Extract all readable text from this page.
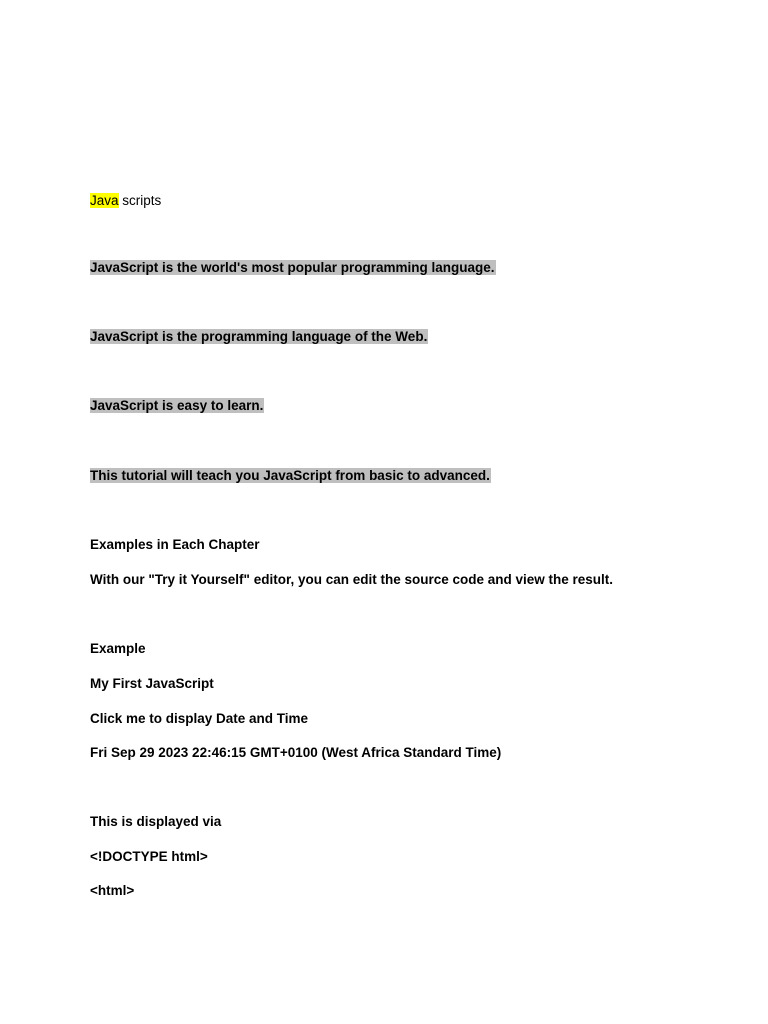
Java scripts
JavaScript is the world's most popular programming language.
JavaScript is the programming language of the Web.
JavaScript is easy to learn.
This tutorial will teach you JavaScript from basic to advanced.
Examples in Each Chapter
With our "Try it Yourself" editor, you can edit the source code and view the result.
Example
My First JavaScript
Click me to display Date and Time
Fri Sep 29 2023 22:46:15 GMT+0100 (West Africa Standard Time)
This is displayed via
<!DOCTYPE html>
<html>
